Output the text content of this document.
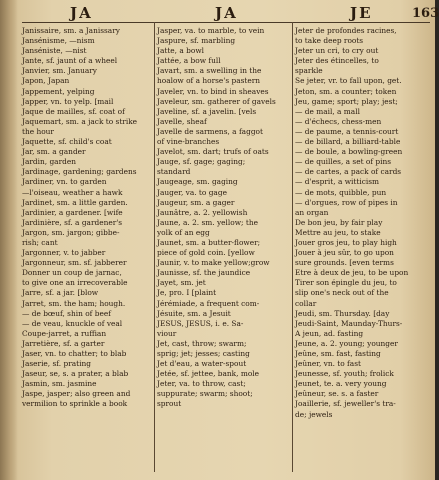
JA	JA	JE	163
Janissaire, sm. a Janissary
Jansénisme, —nism
Janséniste, —nist
Jante, sf. jaunt of a wheel
Janvier, sm. January
Japon, Japan
Jappement, yelping
Japper, vn. to yelp. [mail
Jaque de mailles, sf. coat of
Jaquemart, sm. a jack to strike
the hour
Jaquette, sf. child's coat
Jar, sm. a gander
Jardin, garden
Jardinage, gardening; gardens
Jardiner, vn. to garden
—l'oiseau, weather a hawk
Jardinet, sm. a little garden.
Jardinier, a gardener. [wife
Jardinière, sf. a gardener's
Jargon, sm. jargon; gibbe-
rish; cant
Jargonner, v. to jabber
Jargonneur, sm. sf. jabberer
Donner un coup de jarnac,
to give one an irrecoverable
Jarre, sf. a jar. [blow
Jarret, sm. the ham; hough.
— de bœuf, shin of beef
— de veau, knuckle of veal
Coupe-jarret, a ruffian
Jarretière, sf. a garter
Jaser, vn. to chatter; to blab
Jaserie, sf. prating
Jaseur, se, s. a prater, a blab
Jasmin, sm. jasmine
Jaspe, jasper; also green and
vermilion to sprinkle a book
Jasper, va. to marble, to vein
Jaspure, sf. marbling
Jatte, a bowl
Jattée, a bow full
Javart, sm. a swelling in the
hoalow of a horse's pastern
Javeler, vn. to bind in sheaves
Javeleur, sm. gatherer of gavels
Javeline, sf. a javelin. [vels
Javelle, sheaf
Javelle de sarmens, a faggot
of vine-branches
Javelot, sm. dart; trufs of oats
Jauge, sf. gage; gaging;
standard
Jaugeage, sm. gaging
Jauger, va. to gage
Jaugeur, sm. a gager
Jaunâtre, a. 2. yellowish
Jaune, a. 2. sm. yellow; the
yolk of an egg
Jaunet, sm. a butter-flower;
piece of gold coin. [yellow
Jaunir, v. to make yellow;grow
Jaunisse, sf. the jaundice
Jayet, sm. jet
Je, pro. I [plaint
Jérémiade, a frequent com-
Jésuite, sm. a Jesuit
JESUS, JESUS, i. e. Sa-
viour
Jet, cast, throw; swarm;
sprig; jet; jesses; casting
Jet d'eau, a water-spout
Jetée, sf. jettee, bank, mole
Jeter, va. to throw, cast;
suppurate; swarm; shoot;
sprout
Jeter de profondes racines,
to take deep roots
Jeter un cri, to cry out
Jeter des étincelles, to
sparkle
Se jeter, vr. to fall upon, get.
Jeton, sm. a counter; token
Jeu, game; sport; play; jest;
— de mail, a mall
— d'échecs, chess-men
— de paume, a tennis-court
— de billard, a billiard-table
— de boule, a bowling-green
— de quilles, a set of pins
— de cartes, a pack of cards
— d'esprit, a witticism
— de mots, quibble, pun
— d'orgues, row of pipes in
an organ
De bon jeu, by fair play
Mettre au jeu, to stake
Jouer gros jeu, to play high
Jouer à jeu sûr, to go upon
sure grounds. [even terms
Etre à deux de jeu, to be upon
Tirer son épingle du jeu, to
slip one's neck out of the
collar
Jeudi, sm. Thursday. [day
Jeudi-Saint, Maunday-Thurs-
A jeun, ad. fasting
Jeune, a. 2. young; younger
Jeûne, sm. fast, fasting
Jeûner, vn. to fast
Jeunesse, sf. youth; frolick
Jeunet, te. a. very young
Jeûneur, se. s. a faster
Joaillerie, sf. jeweller's tra-
de; jewels
